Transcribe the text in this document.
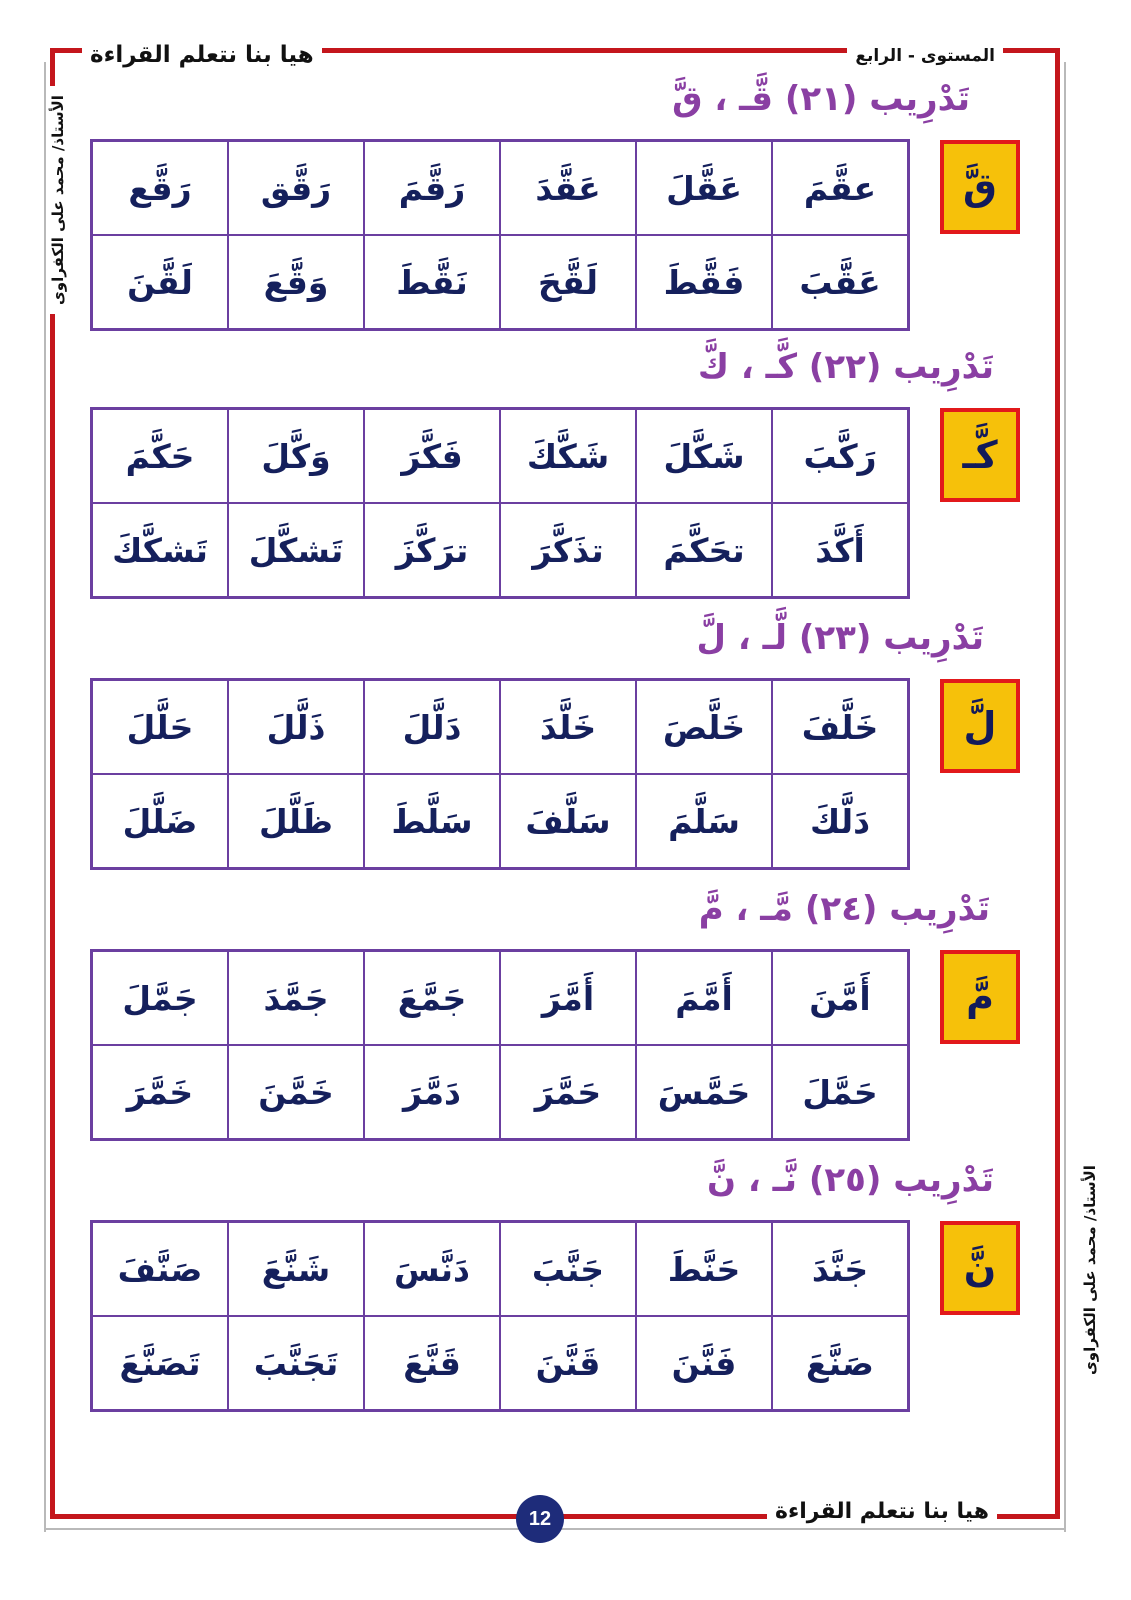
هيا بنا نتعلم القراءة	المستوى - الرابع
الأستاذ/ محمد على الكفراوى
الأستاذ/ محمد على الكفراوى
تَدْرِيب (٢١) قَّـ ، قَّ
قَّ
عقَّمَ
عَقَّلَ
عَقَّدَ
رَقَّمَ
رَقَّق
رَقَّع
عَقَّبَ
فَقَّطَ
لَقَّحَ
نَقَّطَ
وَقَّعَ
لَقَّنَ
تَدْرِيب (٢٢) كَّـ ، كَّ
كَّـ
رَكَّبَ
شَكَّلَ
شَكَّكَ
فَكَّرَ
وَكَّلَ
حَكَّمَ
أَكَّدَ
تحَكَّمَ
تذَكَّرَ
ترَكَّزَ
تَشكَّلَ
تَشكَّكَ
تَدْرِيب (٢٣) لَّـ ، لَّ
لَّ
خَلَّفَ
خَلَّصَ
خَلَّدَ
دَلَّلَ
ذَلَّلَ
حَلَّلَ
دَلَّكَ
سَلَّمَ
سَلَّفَ
سَلَّطَ
ظَلَّلَ
ضَلَّلَ
تَدْرِيب (٢٤) مَّـ ، مَّ
مَّ
أَمَّنَ
أَمَّمَ
أَمَّرَ
جَمَّعَ
جَمَّدَ
جَمَّلَ
حَمَّلَ
حَمَّسَ
حَمَّرَ
دَمَّرَ
خَمَّنَ
خَمَّرَ
تَدْرِيب (٢٥) نَّـ ، نَّ
نَّ
جَنَّدَ
حَنَّطَ
جَنَّبَ
دَنَّسَ
شَنَّعَ
صَنَّفَ
صَنَّعَ
فَنَّنَ
قَنَّنَ
قَنَّعَ
تَجَنَّبَ
تَصَنَّعَ
هيا بنا نتعلم القراءة
12
